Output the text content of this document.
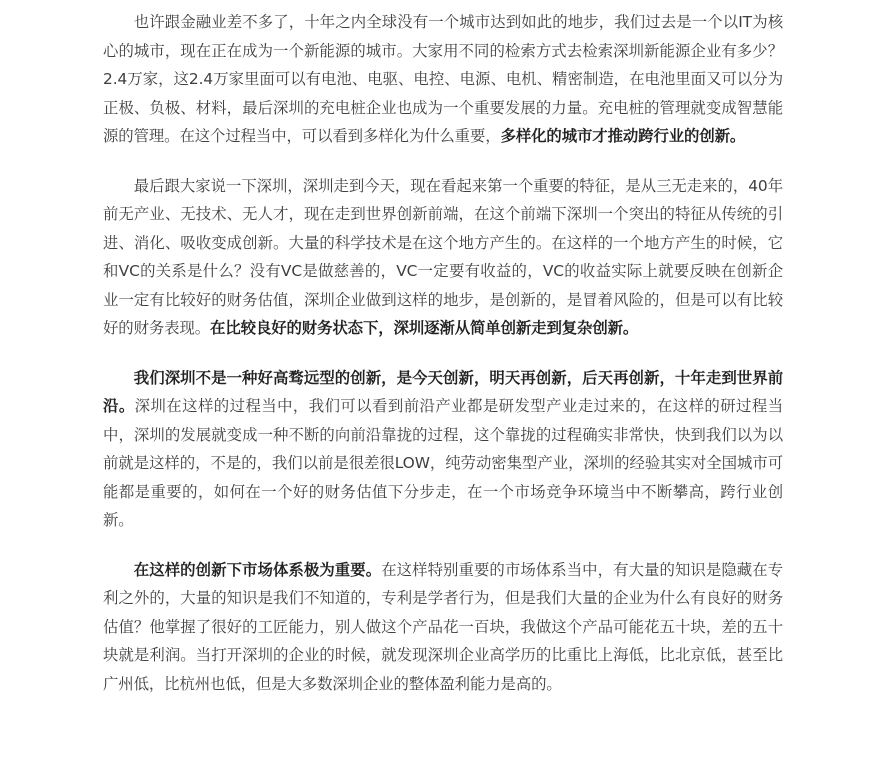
也许跟金融业差不多了，十年之内全球没有一个城市达到如此的地步，我们过去是一个以IT为核心的城市，现在正在成为一个新能源的城市。大家用不同的检索方式去检索深圳新能源企业有多少？2.4万家，这2.4万家里面可以有电池、电驱、电控、电源、电机、精密制造，在电池里面又可以分为正极、负极、材料，最后深圳的充电桩企业也成为一个重要发展的力量。充电桩的管理就变成智慧能源的管理。在这个过程当中，可以看到多样化为什么重要，多样化的城市才推动跨行业的创新。

最后跟大家说一下深圳，深圳走到今天，现在看起来第一个重要的特征，是从三无走来的，40年前无产业、无技术、无人才，现在走到世界创新前端，在这个前端下深圳一个突出的特征从传统的引进、消化、吸收变成创新。大量的科学技术是在这个地方产生的。在这样的一个地方产生的时候，它和VC的关系是什么？没有VC是做慈善的，VC一定要有收益的，VC的收益实际上就要反映在创新企业一定有比较好的财务估值，深圳企业做到这样的地步，是创新的，是冒着风险的，但是可以有比较好的财务表现。在比较良好的财务状态下，深圳逐渐从简单创新走到复杂创新。

我们深圳不是一种好高骛远型的创新，是今天创新，明天再创新，后天再创新，十年走到世界前沿。深圳在这样的过程当中，我们可以看到前沿产业都是研发型产业走过来的，在这样的研过程当中，深圳的发展就变成一种不断的向前沿靠拢的过程，这个靠拢的过程确实非常快，快到我们以为以前就是这样的，不是的，我们以前是很差很LOW，纯劳动密集型产业，深圳的经验其实对全国城市可能都是重要的，如何在一个好的财务估值下分步走，在一个市场竞争环境当中不断攀高，跨行业创新。

在这样的创新下市场体系极为重要。在这样特别重要的市场体系当中，有大量的知识是隐藏在专利之外的，大量的知识是我们不知道的，专利是学者行为，但是我们大量的企业为什么有良好的财务估值？他掌握了很好的工匠能力，别人做这个产品花一百块，我做这个产品可能花五十块，差的五十块就是利润。当打开深圳的企业的时候，就发现深圳企业高学历的比重比上海低，比北京低，甚至比广州低，比杭州也低，但是大多数深圳企业的整体盈利能力是高的。
